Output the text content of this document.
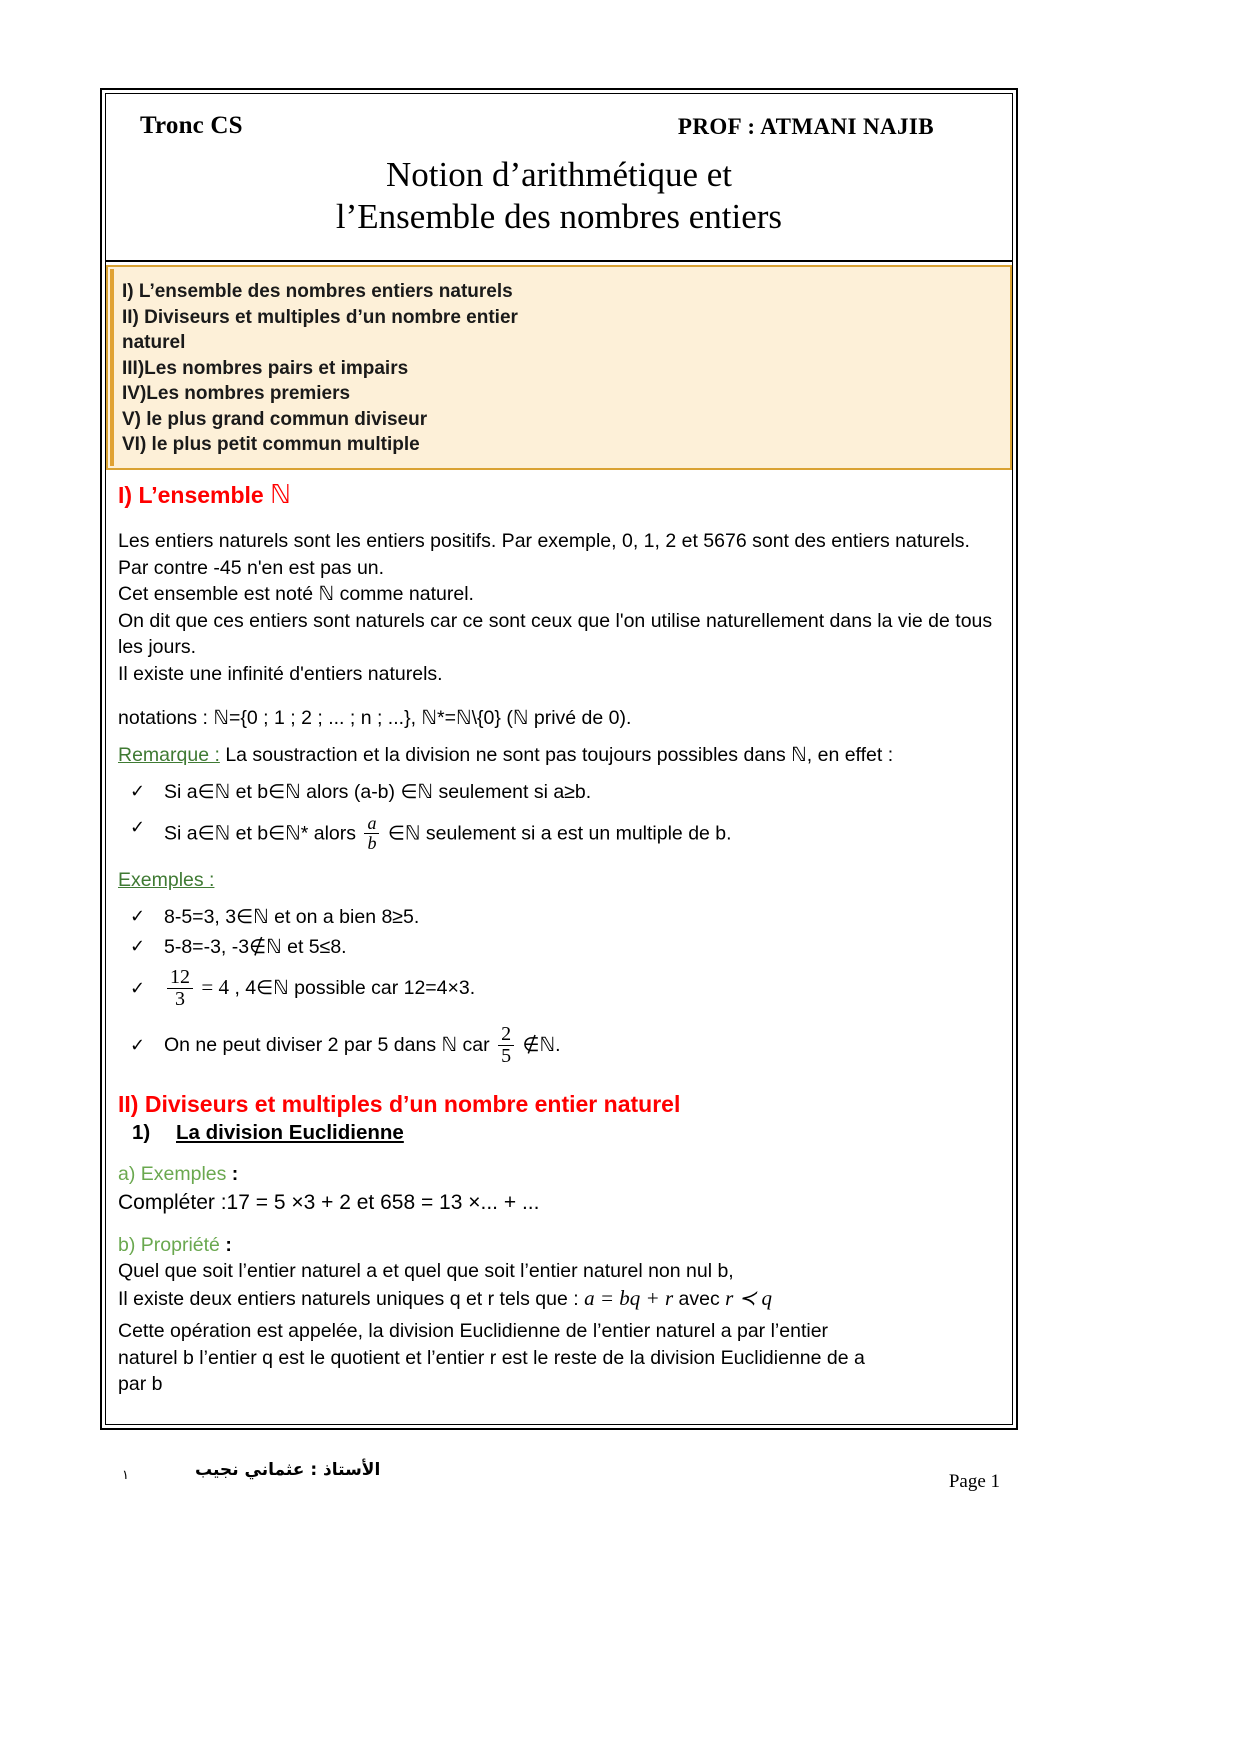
Tronc CS	PROF : ATMANI NAJIB
Notion d’arithmétique et
l’Ensemble des nombres entiers
I) L’ensemble des nombres entiers naturels
II) Diviseurs et multiples d’un nombre entier
naturel
III)Les nombres pairs et impairs
IV)Les nombres premiers
V) le plus grand commun diviseur
VI) le plus petit commun multiple
I) L’ensemble ℕ

Les entiers naturels sont les entiers positifs. Par exemple, 0, 1, 2 et 5676 sont des entiers naturels. Par contre -45 n'en est pas un.

Cet ensemble est noté ℕ comme naturel.

On dit que ces entiers sont naturels car ce sont ceux que l'on utilise naturellement dans la vie de tous les jours.

Il existe une infinité d'entiers naturels.

notations : ℕ={0 ; 1 ; 2 ; ... ; n ; ...}, ℕ*=ℕ\{0} (ℕ privé de 0).

Remarque : La soustraction et la division ne sont pas toujours possibles dans ℕ, en effet :

✓ Si a∈ℕ et b∈ℕ alors (a-b) ∈ℕ seulement si a≥b.
✓ Si a∈ℕ et b∈ℕ* alors $\frac{a}{b}$ ∈ℕ seulement si a est un multiple de b.

Exemples :

✓ 8-5=3, 3∈ℕ et on a bien 8≥5.
✓ 5-8=-3, -3∉ℕ et 5≤8.
✓ $\frac{12}{3} = 4$ , 4∈ℕ possible car 12=4×3.
✓ On ne peut diviser 2 par 5 dans ℕ car $\frac{2}{5}$ ∉ℕ.
II) Diviseurs et multiples d’un nombre entier naturel
1) La division Euclidienne

a) Exemples :

Compléter :17 = 5 ×3 + 2 et 658 = 13 ×... + ...

b) Propriété :

Quel que soit l’entier naturel a et quel que soit l’entier naturel non nul b,

Il existe deux entiers naturels uniques q et r tels que : a = bq + r avec r ≺ q

Cette opération est appelée, la division Euclidienne de l’entier naturel a par l’entier

naturel b l’entier q est le quotient et l’entier r est le reste de la division Euclidienne de a

par b

١	الأستاذ : عثماني نجيب
Page 1
